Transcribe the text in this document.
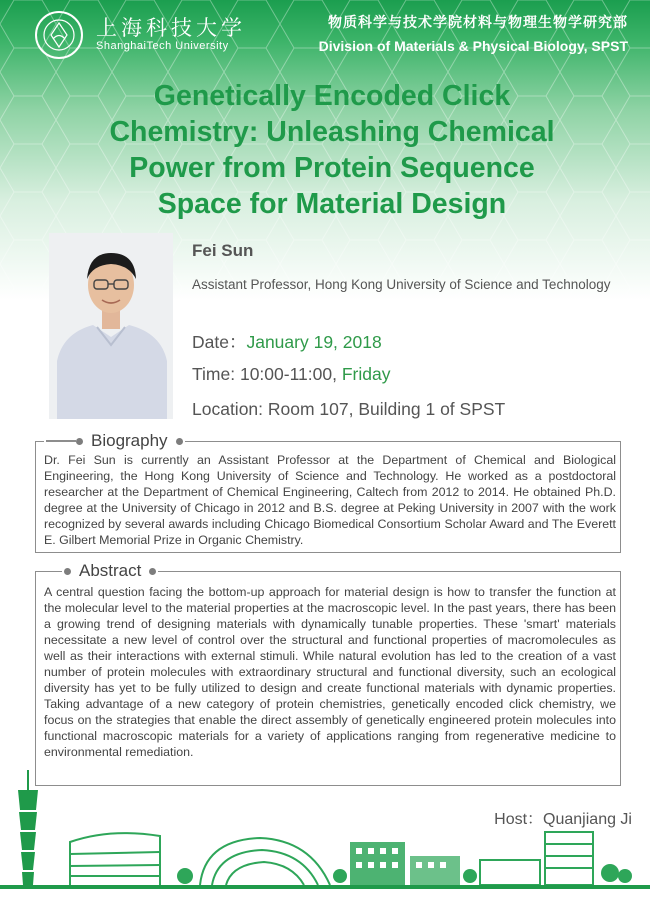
上海科技大学
ShanghaiTech University
物质科学与技术学院材料与物理生物学研究部
Division of Materials & Physical Biology, SPST
Genetically Encoded Click
Chemistry: Unleashing Chemical
Power from Protein Sequence
Space for Material Design
Fei Sun
Assistant Professor, Hong Kong University of Science and Technology
Date：January 19, 2018
Time: 10:00-11:00, Friday
Location: Room 107, Building 1 of SPST
Biography
Dr. Fei Sun is currently an Assistant Professor at the Department of Chemical and Biological Engineering, the Hong Kong University of Science and Technology. He worked as a postdoctoral researcher at the Department of Chemical Engineering, Caltech from 2012 to 2014. He obtained Ph.D. degree at the University of Chicago in 2012 and B.S. degree at Peking University in 2007 with the work recognized by several awards including Chicago Biomedical Consortium Scholar Award and The Everett E. Gilbert Memorial Prize in Organic Chemistry.
Abstract
A central question facing the bottom-up approach for material design is how to transfer the function at the molecular level to the material properties at the macroscopic level. In the past years, there has been a growing trend of designing materials with dynamically tunable properties. These 'smart' materials necessitate a new level of control over the structural and functional properties of macromolecules as well as their interactions with external stimuli. While natural evolution has led to the creation of a vast number of protein molecules with extraordinary structural and functional diversity, such an ecological diversity has yet to be fully utilized to design and create functional materials with dynamic properties. Taking advantage of a new category of protein chemistries, genetically encoded click chemistry, we focus on the strategies that enable the direct assembly of genetically engineered protein molecules into functional macroscopic materials for a variety of applications ranging from regenerative medicine to environmental remediation.
Host：Quanjiang Ji
